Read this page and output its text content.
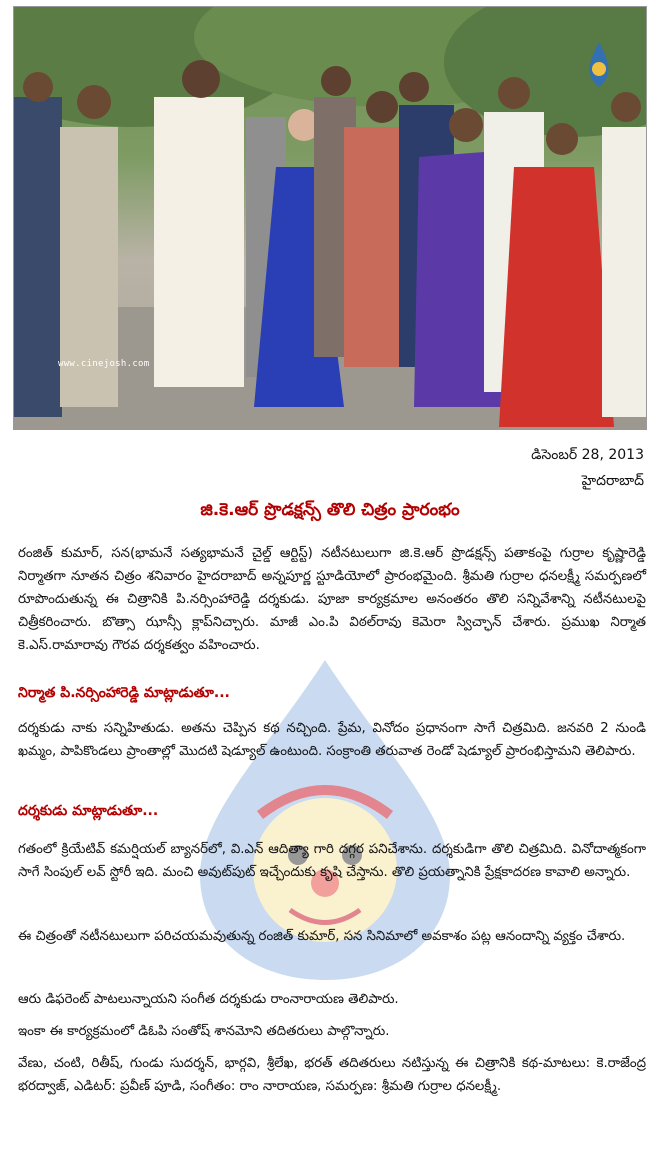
www.cinejosh.com
డిసెంబర్ 28, 2013
హైదరాబాద్
జి.కె.ఆర్ ప్రొడక్షన్స్ తొలి చిత్రం ప్రారంభం

రంజిత్ కుమార్, సన(భామనే సత్యభామనే చైల్డ్ ఆర్టిస్ట్) నటీనటులుగా జి.కె.ఆర్ ప్రొడక్షన్స్ పతాకంపై గుర్రాల కృష్ణారెడ్డి నిర్మాతగా నూతన చిత్రం శనివారం హైదరాబాద్ అన్నపూర్ణ స్టూడియోలో ప్రారంభమైంది. శ్రీమతి గుర్రాల ధనలక్ష్మీ సమర్పణలో రూపొందుతున్న ఈ చిత్రానికి పి.నర్సింహారెడ్డి దర్శకుడు. పూజా కార్యక్రమాల అనంతరం తొలి సన్నివేశాన్ని నటీనటులపై చిత్రీకరించారు. బొత్సా ఝాన్సీ క్లాప్‌నిచ్చారు. మాజీ ఎం.పి విఠల్‌రావు కెమెరా స్విచ్ఛాన్ చేశారు. ప్రముఖ నిర్మాత కె.ఎస్.రామారావు గౌరవ దర్శకత్వం వహించారు.

నిర్మాత పి.నర్సింహారెడ్డి మాట్లాడుతూ...

దర్శకుడు నాకు సన్నిహితుడు. అతను చెప్పిన కథ నచ్చింది. ప్రేమ, వినోదం ప్రధానంగా సాగే చిత్రమిది. జనవరి 2 నుండి ఖమ్మం, పాపికొండలు ప్రాంతాల్లో మొదటి షెడ్యూల్ ఉంటుంది. సంక్రాంతి తరువాత రెండో షెడ్యూల్ ప్రారంభిస్తామని తెలిపారు.

దర్శకుడు మాట్లాడుతూ...

గతంలో క్రియేటివ్ కమర్షియల్ బ్యానర్‌లో, వి.ఎన్ ఆదిత్యా గారి దగ్గర పనిచేశాను. దర్శకుడిగా తొలి చిత్రమిది. వినోదాత్మకంగా సాగే సింపుల్ లవ్ స్టోరీ ఇది. మంచి అవుట్‌పుట్ ఇచ్చేందుకు కృషి చేస్తాను. తొలి ప్రయత్నానికి ప్రేక్షకాదరణ కావాలి అన్నారు.

ఈ చిత్రంతో నటీనటులుగా పరిచయమవుతున్న రంజిత్ కుమార్, సన సినిమాలో అవకాశం పట్ల ఆనందాన్ని వ్యక్తం చేశారు.

ఆరు డిఫరెంట్ పాటలున్నాయని సంగీత దర్శకుడు రాంనారాయణ తెలిపారు.

ఇంకా ఈ కార్యక్రమంలో డిఓపి సంతోష్ శానమోని తదితరులు పాల్గొన్నారు.

వేణు, చంటి, రితీష్, గుండు సుదర్శన్, భార్గవి, శ్రీలేఖ, భరత్ తదితరులు నటిస్తున్న ఈ చిత్రానికి కథ-మాటలు: కె.రాజేంద్ర భరద్వాజ్, ఎడిటర్: ప్రవీణ్ పూడి, సంగీతం: రాం నారాయణ, సమర్పణ: శ్రీమతి గుర్రాల ధనలక్ష్మీ.
